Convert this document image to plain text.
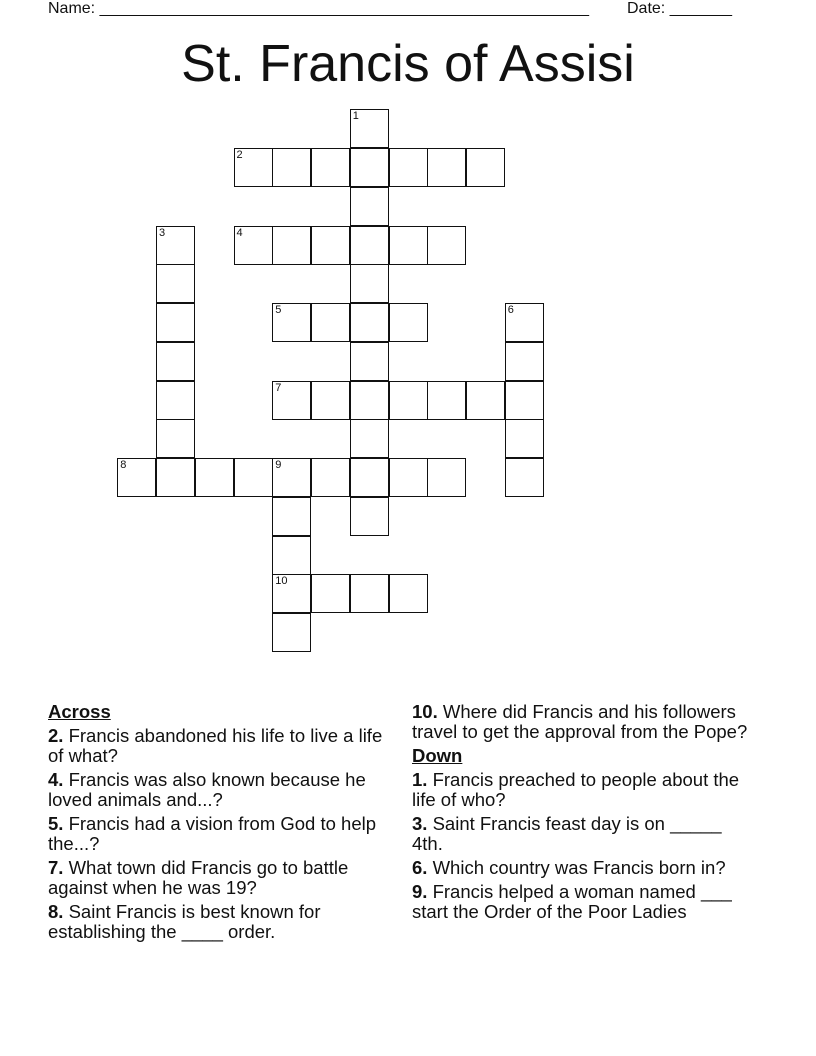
Name: _______________________________________________________ Date: _______
St. Francis of Assisi
1
2
3	4
5	6
7
8	9
10

Across

2. Francis abandoned his life to live a life of what?

4. Francis was also known because he loved animals and...?

5. Francis had a vision from God to help the...?

7. What town did Francis go to battle against when he was 19?

8. Saint Francis is best known for establishing the ____ order.

10. Where did Francis and his followers travel to get the approval from the Pope?

Down

1. Francis preached to people about the life of who?

3. Saint Francis feast day is on _____ 4th.

6. Which country was Francis born in?

9. Francis helped a woman named ___ start the Order of the Poor Ladies
